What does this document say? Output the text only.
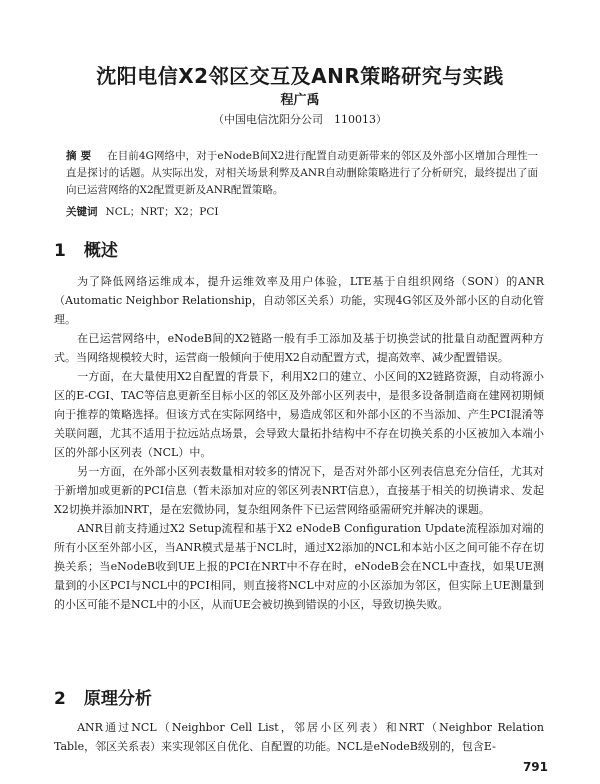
沈阳电信X2邻区交互及ANR策略研究与实践
程广禹
（中国电信沈阳分公司　110013）
摘要 在目前4G网络中，对于eNodeB间X2进行配置自动更新带来的邻区及外部小区增加合理性一直是探讨的话题。从实际出发，对相关场景利弊及ANR自动删除策略进行了分析研究，最终提出了面向已运营网络的X2配置更新及ANR配置策略。
关键词 NCL；NRT；X2；PCI
1 概述

为了降低网络运维成本，提升运维效率及用户体验，LTE基于自组织网络（SON）的ANR（Automatic Neighbor Relationship，自动邻区关系）功能，实现4G邻区及外部小区的自动化管理。

在已运营网络中，eNodeB间的X2链路一般有手工添加及基于切换尝试的批量自动配置两种方式。当网络规模较大时，运营商一般倾向于使用X2自动配置方式，提高效率、减少配置错误。

一方面，在大量使用X2自配置的背景下，利用X2口的建立、小区间的X2链路资源，自动将源小区的E-CGI、TAC等信息更新至目标小区的邻区及外部小区列表中，是很多设备制造商在建网初期倾向于推荐的策略选择。但该方式在实际网络中，易造成邻区和外部小区的不当添加、产生PCI混淆等关联问题，尤其不适用于拉远站点场景，会导致大量拓扑结构中不存在切换关系的小区被加入本端小区的外部小区列表（NCL）中。

另一方面，在外部小区列表数量相对较多的情况下，是否对外部小区列表信息充分信任，尤其对于新增加或更新的PCI信息（暂未添加对应的邻区列表NRT信息），直接基于相关的切换请求、发起X2切换并添加NRT，是在宏微协同，复杂组网条件下已运营网络亟需研究并解决的课题。

ANR目前支持通过X2 Setup流程和基于X2 eNodeB Configuration Update流程添加对端的所有小区至外部小区，当ANR模式是基于NCL时，通过X2添加的NCL和本站小区之间可能不存在切换关系；当eNodeB收到UE上报的PCI在NRT中不存在时，eNodeB会在NCL中查找，如果UE测量到的小区PCI与NCL中的PCI相同，则直接将NCL中对应的小区添加为邻区，但实际上UE测量到的小区可能不是NCL中的小区，从而UE会被切换到错误的小区，导致切换失败。

2 原理分析

ANR通过NCL（Neighbor Cell List，邻居小区列表）和NRT（Neighbor Relation Table，邻区关系表）来实现邻区自优化、自配置的功能。NCL是eNodeB级别的，包含E-

791
